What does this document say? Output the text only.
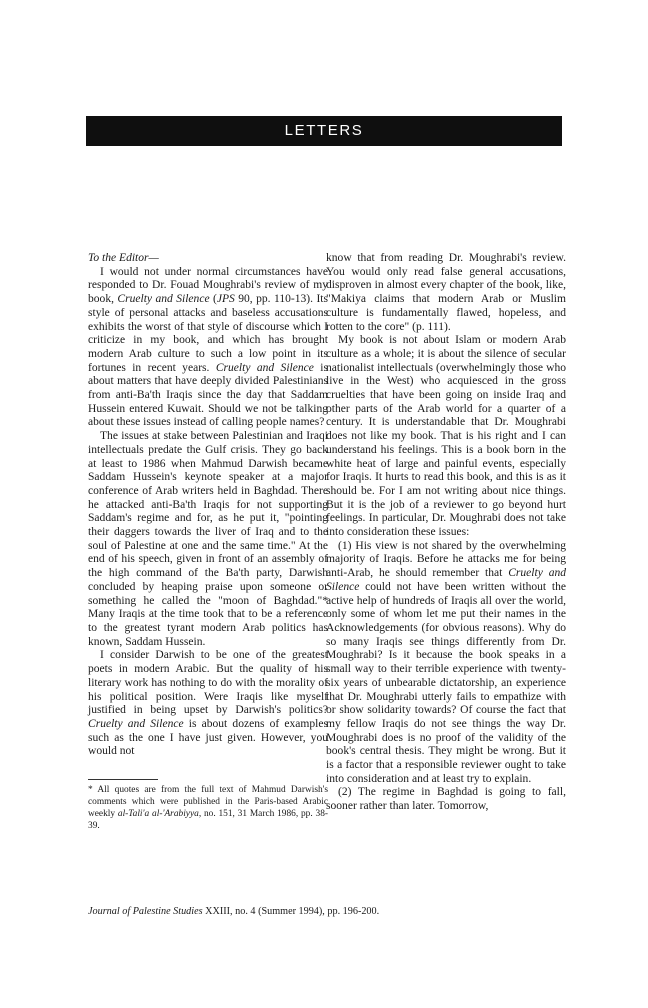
LETTERS

To the Editor—

I would not under normal circumstances have responded to Dr. Fouad Moughrabi's review of my book, Cruelty and Silence (JPS 90, pp. 110-13). Its style of personal attacks and baseless accusations exhibits the worst of that style of discourse which I criticize in my book, and which has brought modern Arab culture to such a low point in its fortunes in recent years. Cruelty and Silence is about matters that have deeply divided Palestinians from anti-Ba'th Iraqis since the day that Saddam Hussein entered Kuwait. Should we not be talking about these issues instead of calling people names?

The issues at stake between Palestinian and Iraqi intellectuals predate the Gulf crisis. They go back at least to 1986 when Mahmud Darwish became Saddam Hussein's keynote speaker at a major conference of Arab writers held in Baghdad. There he attacked anti-Ba'th Iraqis for not supporting Saddam's regime and for, as he put it, "pointing their daggers towards the liver of Iraq and to the soul of Palestine at one and the same time." At the end of his speech, given in front of an assembly of the high command of the Ba'th party, Darwish concluded by heaping praise upon someone or something he called the "moon of Baghdad."* Many Iraqis at the time took that to be a reference to the greatest tyrant modern Arab politics has known, Saddam Hussein.

I consider Darwish to be one of the greatest poets in modern Arabic. But the quality of his literary work has nothing to do with the morality of his political position. Were Iraqis like myself justified in being upset by Darwish's politics? Cruelty and Silence is about dozens of examples such as the one I have just given. However, you would not

* All quotes are from the full text of Mahmud Darwish's comments which were published in the Paris-based Arabic weekly al-Tali'a al-'Arabiyya, no. 151, 31 March 1986, pp. 38-39.

know that from reading Dr. Moughrabi's review. You would only read false general accusations, disproven in almost every chapter of the book, like, "Makiya claims that modern Arab or Muslim culture is fundamentally flawed, hopeless, and rotten to the core" (p. 111).

My book is not about Islam or modern Arab culture as a whole; it is about the silence of secular nationalist intellectuals (overwhelmingly those who live in the West) who acquiesced in the gross cruelties that have been going on inside Iraq and other parts of the Arab world for a quarter of a century. It is understandable that Dr. Moughrabi does not like my book. That is his right and I can understand his feelings. This is a book born in the white heat of large and painful events, especially for Iraqis. It hurts to read this book, and this is as it should be. For I am not writing about nice things. But it is the job of a reviewer to go beyond hurt feelings. In particular, Dr. Moughrabi does not take into consideration these issues:

(1) His view is not shared by the overwhelming majority of Iraqis. Before he attacks me for being anti-Arab, he should remember that Cruelty and Silence could not have been written without the active help of hundreds of Iraqis all over the world, only some of whom let me put their names in the Acknowledgements (for obvious reasons). Why do so many Iraqis see things differently from Dr. Moughrabi? Is it because the book speaks in a small way to their terrible experience with twenty-six years of unbearable dictatorship, an experience that Dr. Moughrabi utterly fails to empathize with or show solidarity towards? Of course the fact that my fellow Iraqis do not see things the way Dr. Moughrabi does is no proof of the validity of the book's central thesis. They might be wrong. But it is a factor that a responsible reviewer ought to take into consideration and at least try to explain.

(2) The regime in Baghdad is going to fall, sooner rather than later. Tomorrow,

Journal of Palestine Studies XXIII, no. 4 (Summer 1994), pp. 196-200.
